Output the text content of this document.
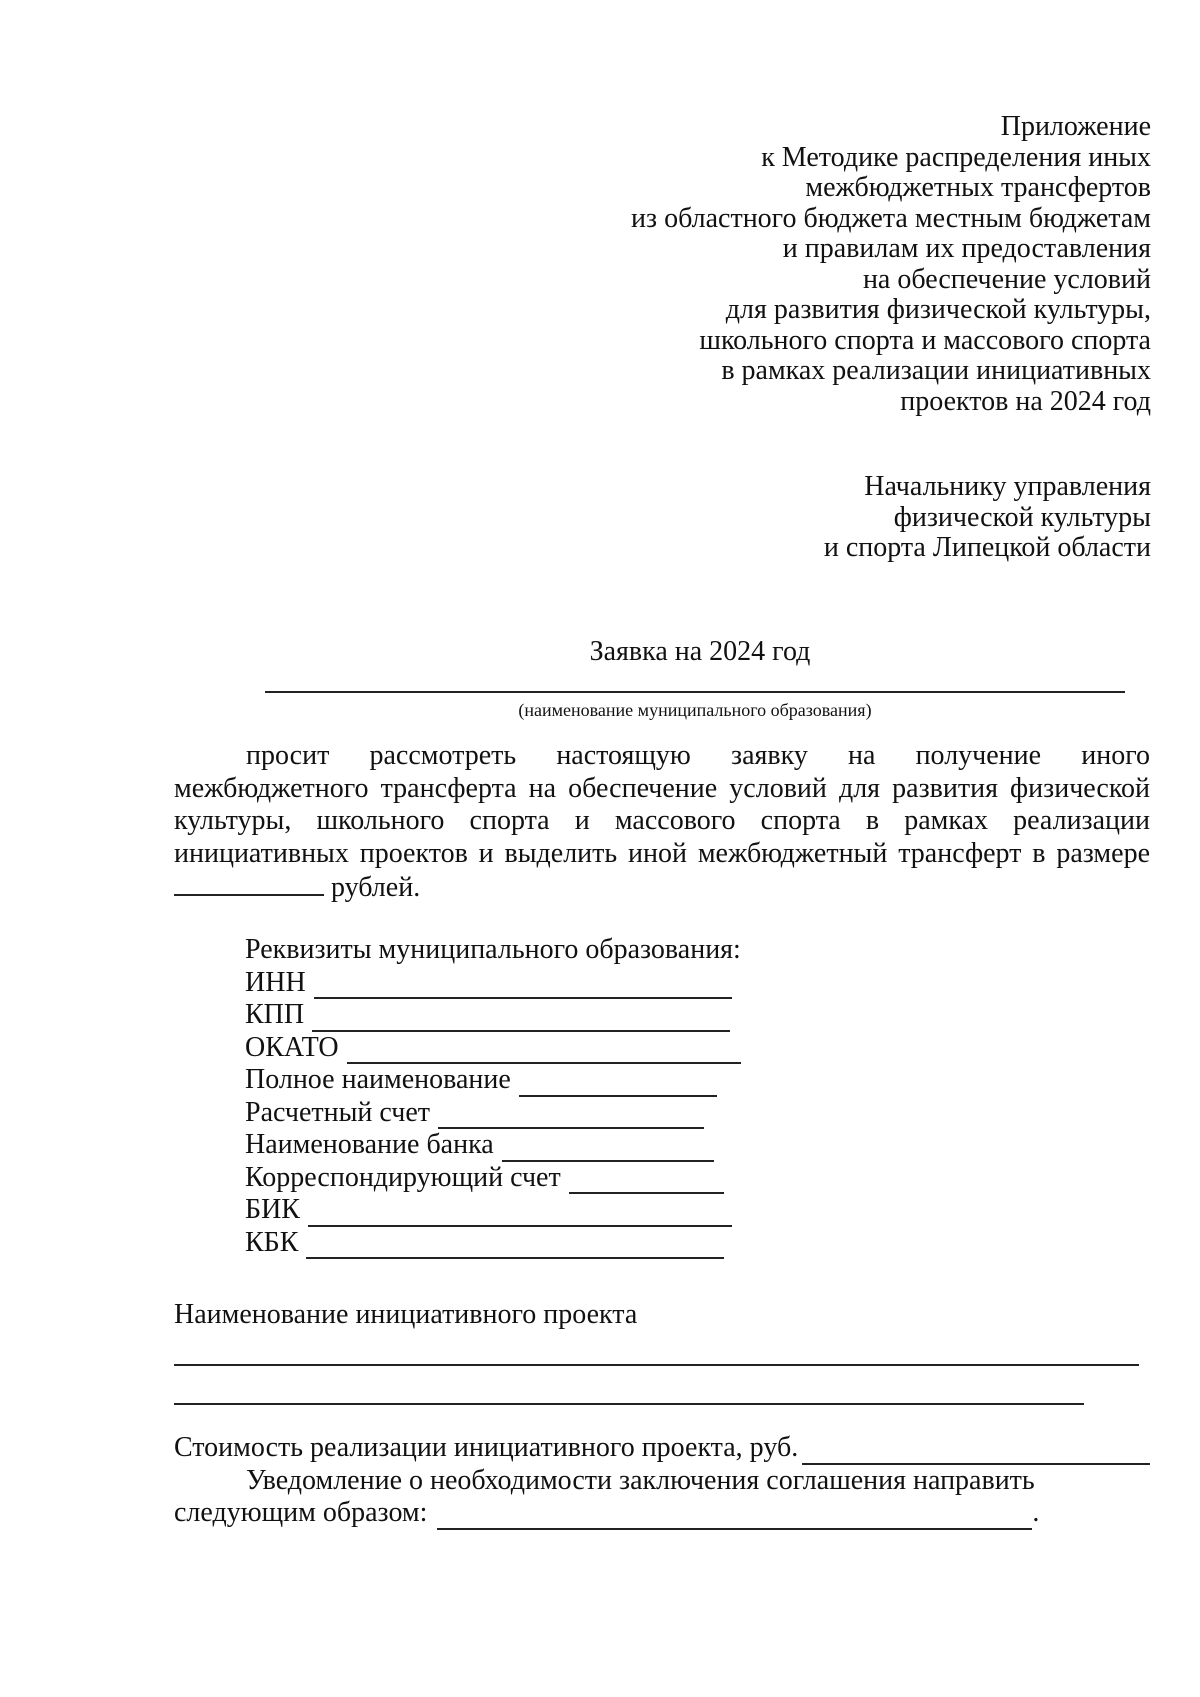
Приложение
к Методике распределения иных
межбюджетных трансфертов
из областного бюджета местным бюджетам
и правилам их предоставления
на обеспечение условий
для развития физической культуры,
школьного спорта и массового спорта
в рамках реализации инициативных
проектов на 2024 год
Начальнику управления
физической культуры
и спорта Липецкой области
Заявка на 2024 год
(наименование муниципального образования)
просит рассмотреть настоящую заявку на получение иного межбюджетного трансферта на обеспечение условий для развития физической культуры, школьного спорта и массового спорта в рамках реализации инициативных проектов и выделить иной межбюджетный трансферт в размере  рублей.
Реквизиты муниципального образования:
ИНН
КПП
ОКАТО
Полное наименование
Расчетный счет
Наименование банка
Корреспондирующий счет
БИК
КБК
Наименование инициативного проекта
Стоимость реализации инициативного проекта, руб.
Уведомление о необходимости заключения соглашения направить
следующим образом:	.
